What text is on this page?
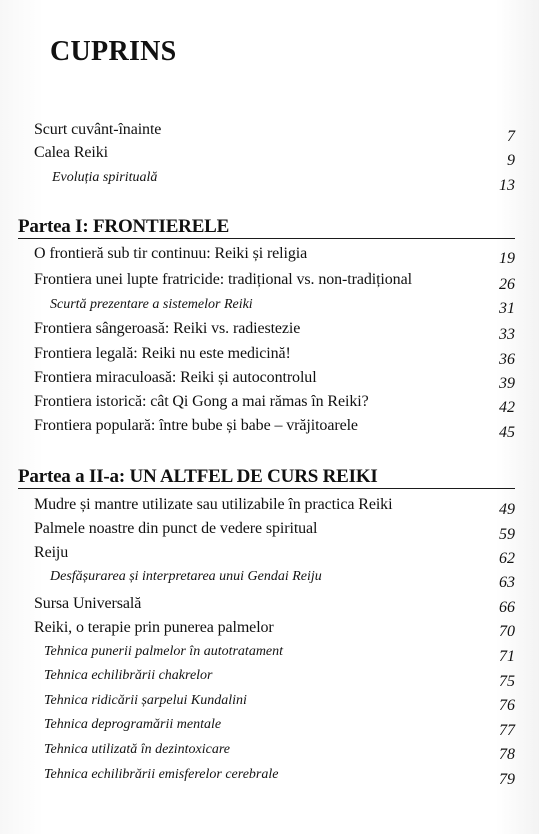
CUPRINS
Scurt cuvânt-înainte	7
Calea Reiki	9
Evoluția spirituală	13
Partea I: FRONTIERELE
O frontieră sub tir continuu: Reiki și religia	19
Frontiera unei lupte fratricide: tradițional vs. non-tradițional	26
Scurtă prezentare a sistemelor Reiki	31
Frontiera sângeroasă: Reiki vs. radiestezie	33
Frontiera legală: Reiki nu este medicină!	36
Frontiera miraculoasă: Reiki și autocontrolul	39
Frontiera istorică: cât Qi Gong a mai rămas în Reiki?	42
Frontiera populară: între bube și babe – vrăjitoarele	45
Partea a II-a: UN ALTFEL DE CURS REIKI
Mudre și mantre utilizate sau utilizabile în practica Reiki	49
Palmele noastre din punct de vedere spiritual	59
Reiju	62
Desfășurarea și interpretarea unui Gendai Reiju	63
Sursa Universală	66
Reiki, o terapie prin punerea palmelor	70
Tehnica punerii palmelor în autotratament	71
Tehnica echilibrării chakrelor	75
Tehnica ridicării șarpelui Kundalini	76
Tehnica deprogramării mentale	77
Tehnica utilizată în dezintoxicare	78
Tehnica echilibrării emisferelor cerebrale	79
